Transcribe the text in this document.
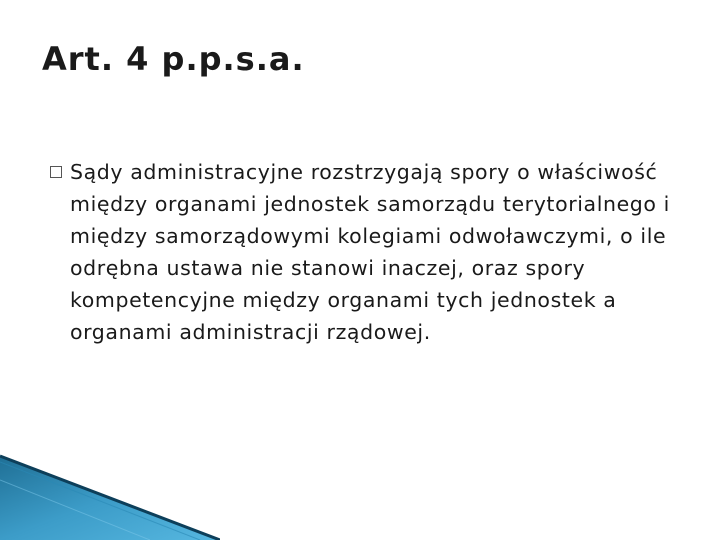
Art. 4 p.p.s.a.

Sądy administracyjne rozstrzygają spory o właściwość między organami jednostek samorządu terytorialnego i między samorządowymi kolegiami odwoławczymi, o ile odrębna ustawa nie stanowi inaczej, oraz spory kompetencyjne między organami tych jednostek a organami administracji rządowej.
